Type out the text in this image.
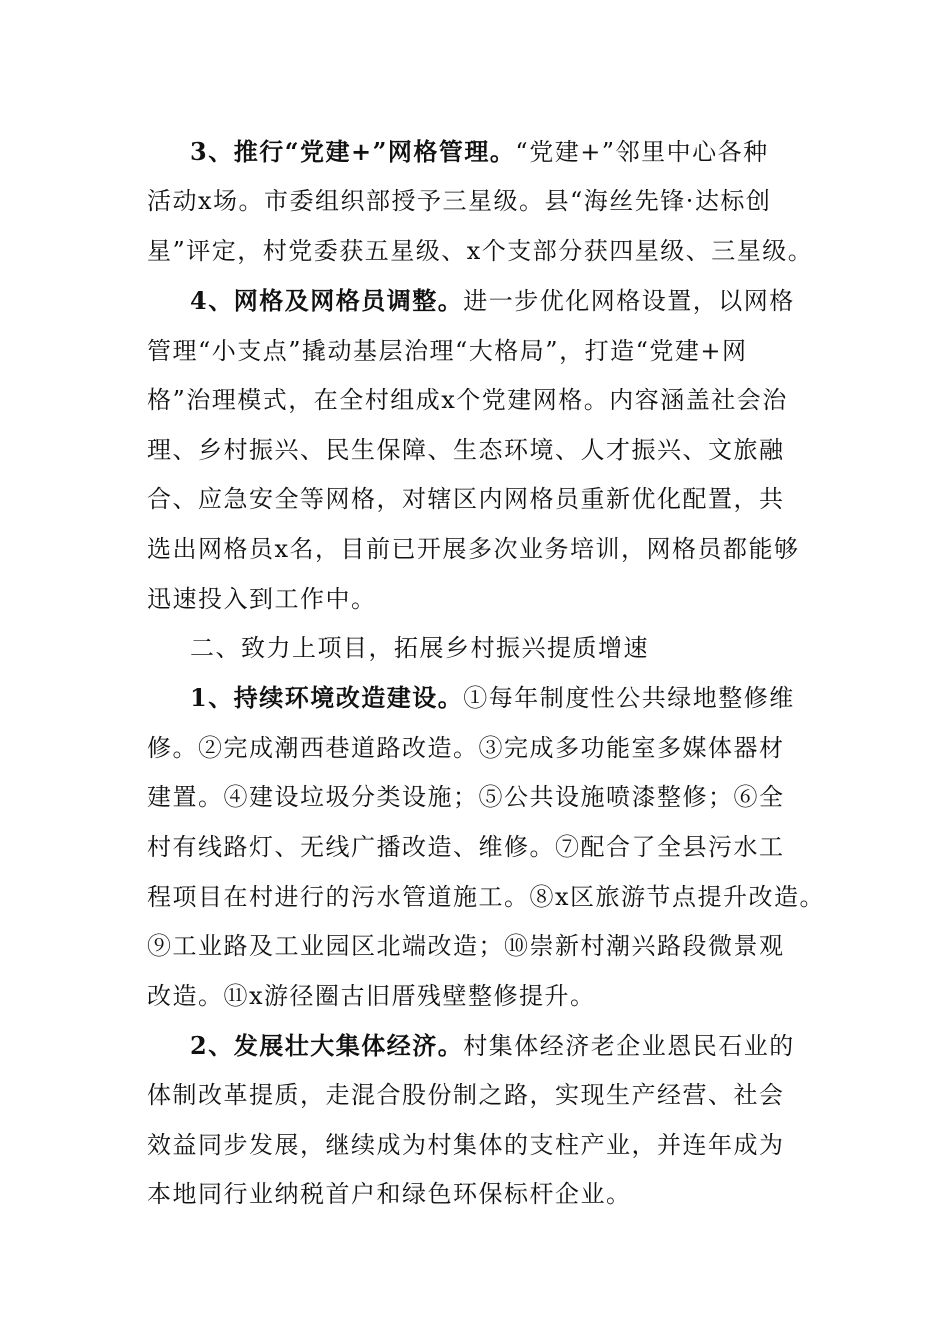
3、推行“党建+”网格管理。“党建+”邻里中心各种
活动x场。市委组织部授予三星级。县“海丝先锋·达标创
星”评定，村党委获五星级、x个支部分获四星级、三星级。
4、网格及网格员调整。进一步优化网格设置，以网格
管理“小支点”撬动基层治理“大格局”，打造“党建+网
格”治理模式，在全村组成x个党建网格。内容涵盖社会治
理、乡村振兴、民生保障、生态环境、人才振兴、文旅融
合、应急安全等网格，对辖区内网格员重新优化配置，共
选出网格员x名，目前已开展多次业务培训，网格员都能够
迅速投入到工作中。
二、致力上项目，拓展乡村振兴提质增速
1、持续环境改造建设。①每年制度性公共绿地整修维
修。②完成潮西巷道路改造。③完成多功能室多媒体器材
建置。④建设垃圾分类设施；⑤公共设施喷漆整修；⑥全
村有线路灯、无线广播改造、维修。⑦配合了全县污水工
程项目在村进行的污水管道施工。⑧x区旅游节点提升改造。
⑨工业路及工业园区北端改造；⑩崇新村潮兴路段微景观
改造。⑪x游径圈古旧厝残壁整修提升。
2、发展壮大集体经济。村集体经济老企业恩民石业的
体制改革提质，走混合股份制之路，实现生产经营、社会
效益同步发展，继续成为村集体的支柱产业，并连年成为
本地同行业纳税首户和绿色环保标杆企业。
